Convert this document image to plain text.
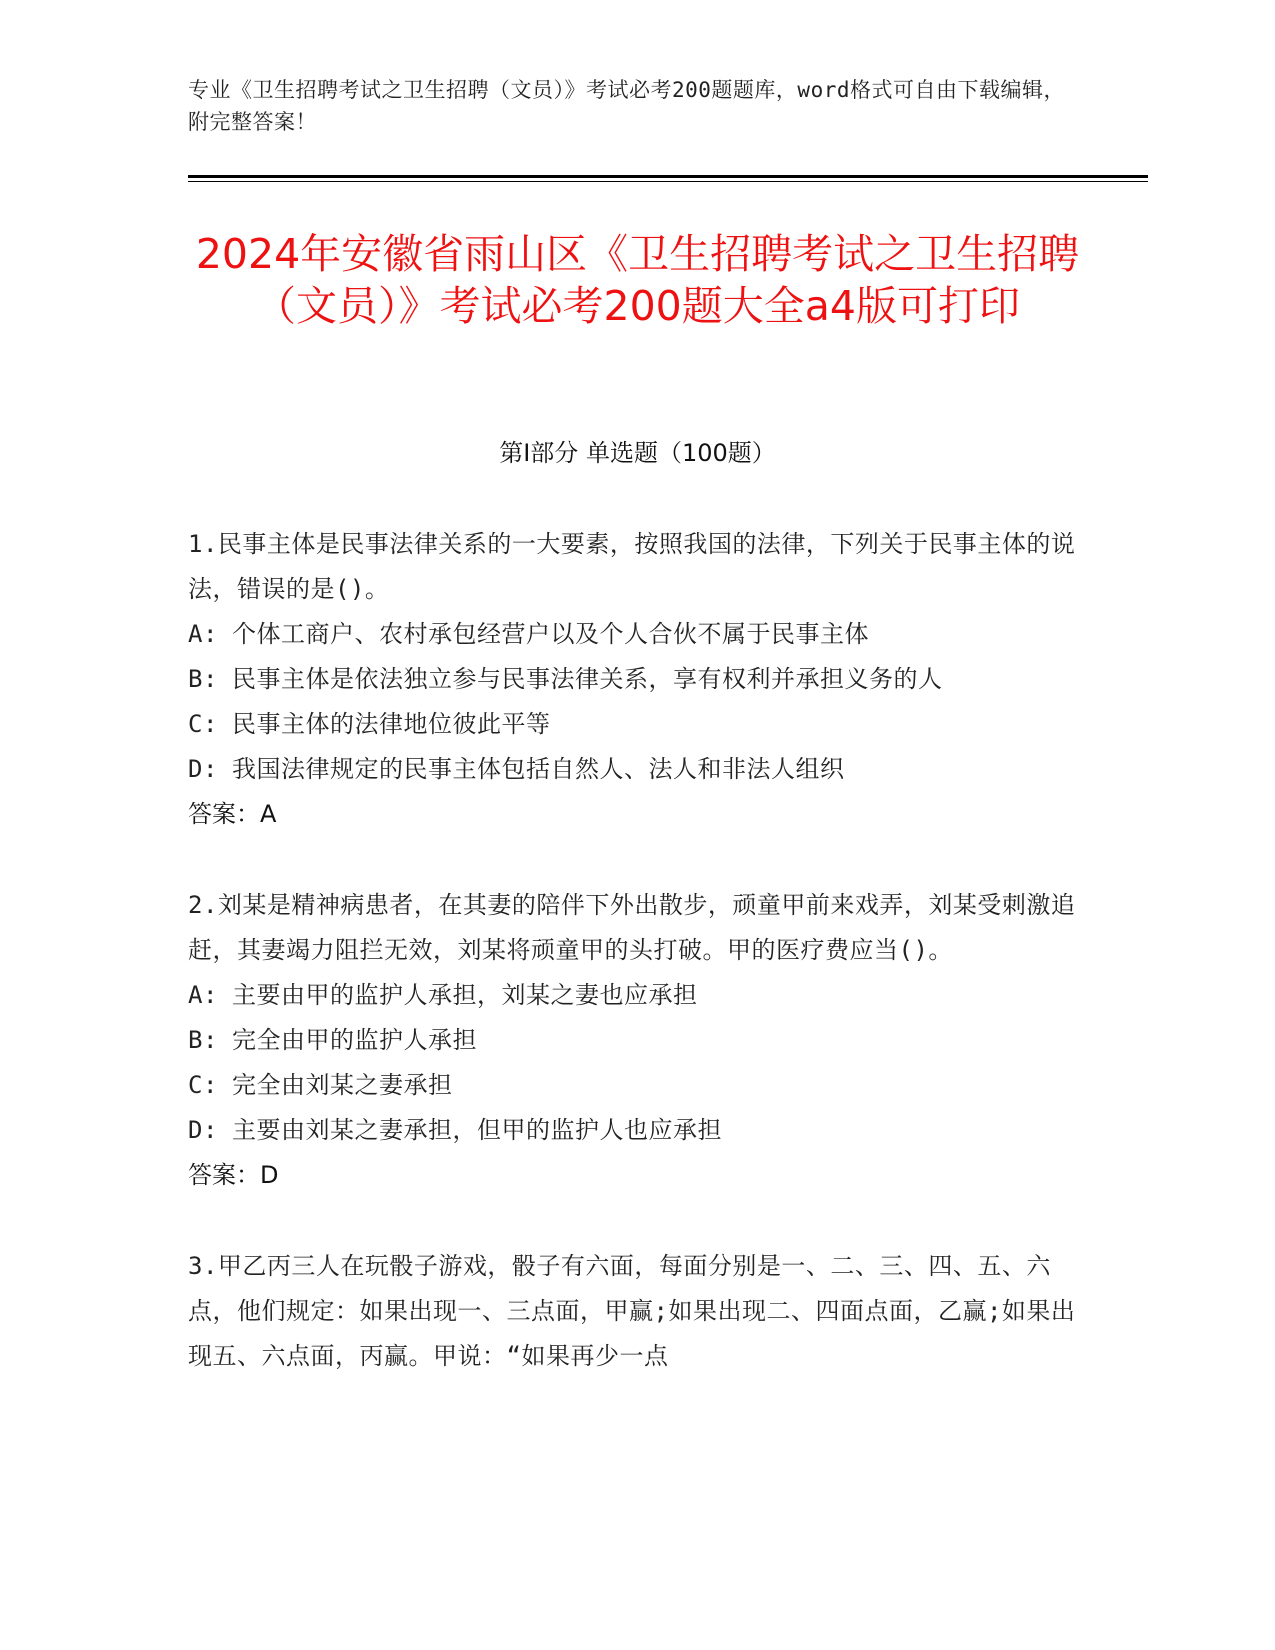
专业《卫生招聘考试之卫生招聘（文员）》考试必考200题题库，word格式可自由下载编辑，附完整答案！
2024年安徽省雨山区《卫生招聘考试之卫生招聘（文员）》考试必考200题大全a4版可打印
第I部分 单选题（100题）
1.民事主体是民事法律关系的一大要素，按照我国的法律，下列关于民事主体的说法，错误的是()。
A: 个体工商户、农村承包经营户以及个人合伙不属于民事主体
B: 民事主体是依法独立参与民事法律关系，享有权利并承担义务的人
C: 民事主体的法律地位彼此平等
D: 我国法律规定的民事主体包括自然人、法人和非法人组织
答案：A
2.刘某是精神病患者，在其妻的陪伴下外出散步，顽童甲前来戏弄，刘某受刺激追赶，其妻竭力阻拦无效，刘某将顽童甲的头打破。甲的医疗费应当()。
A: 主要由甲的监护人承担，刘某之妻也应承担
B: 完全由甲的监护人承担
C: 完全由刘某之妻承担
D: 主要由刘某之妻承担，但甲的监护人也应承担
答案：D
3.甲乙丙三人在玩骰子游戏，骰子有六面，每面分别是一、二、三、四、五、六点，他们规定：如果出现一、三点面，甲赢;如果出现二、四面点面，乙赢;如果出现五、六点面，丙赢。甲说：“如果再少一点
